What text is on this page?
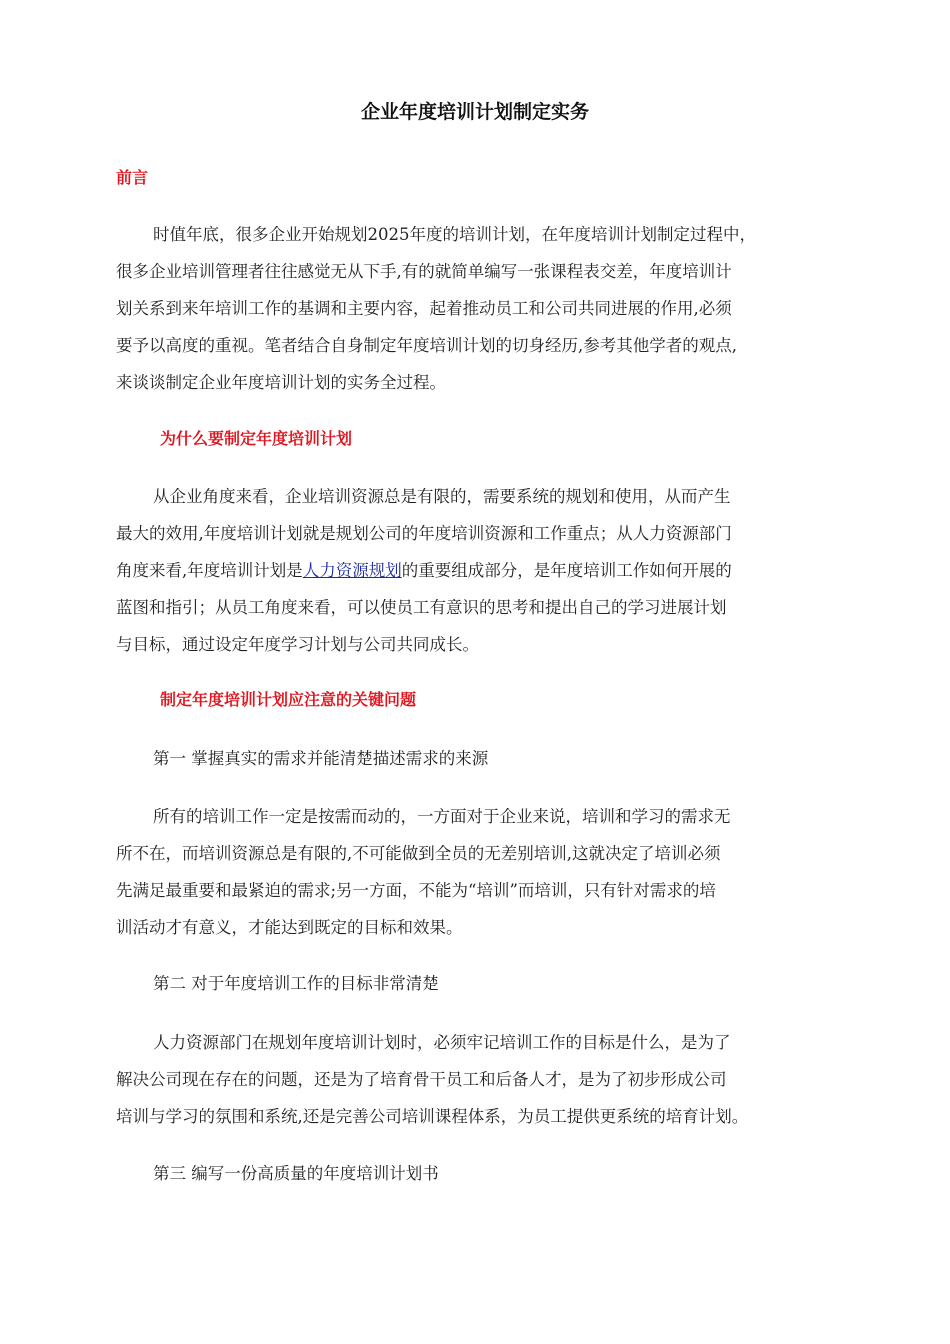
企业年度培训计划制定实务
前言
时值年底，很多企业开始规划2025年度的培训计划，在年度培训计划制定过程中，
很多企业培训管理者往往感觉无从下手,有的就简单编写一张课程表交差，年度培训计
划关系到来年培训工作的基调和主要内容，起着推动员工和公司共同进展的作用,必须
要予以高度的重视。笔者结合自身制定年度培训计划的切身经历,参考其他学者的观点,
来谈谈制定企业年度培训计划的实务全过程。
为什么要制定年度培训计划
从企业角度来看，企业培训资源总是有限的，需要系统的规划和使用，从而产生
最大的效用,年度培训计划就是规划公司的年度培训资源和工作重点；从人力资源部门
角度来看,年度培训计划是人力资源规划的重要组成部分，是年度培训工作如何开展的
蓝图和指引；从员工角度来看，可以使员工有意识的思考和提出自己的学习进展计划
与目标，通过设定年度学习计划与公司共同成长。
制定年度培训计划应注意的关键问题

第一 掌握真实的需求并能清楚描述需求的来源

所有的培训工作一定是按需而动的，一方面对于企业来说，培训和学习的需求无
所不在，而培训资源总是有限的,不可能做到全员的无差别培训,这就决定了培训必须
先满足最重要和最紧迫的需求;另一方面，不能为“培训”而培训，只有针对需求的培
训活动才有意义，才能达到既定的目标和效果。

第二 对于年度培训工作的目标非常清楚

人力资源部门在规划年度培训计划时，必须牢记培训工作的目标是什么，是为了
解决公司现在存在的问题，还是为了培育骨干员工和后备人才，是为了初步形成公司
培训与学习的氛围和系统,还是完善公司培训课程体系，为员工提供更系统的培育计划。

第三 编写一份高质量的年度培训计划书
